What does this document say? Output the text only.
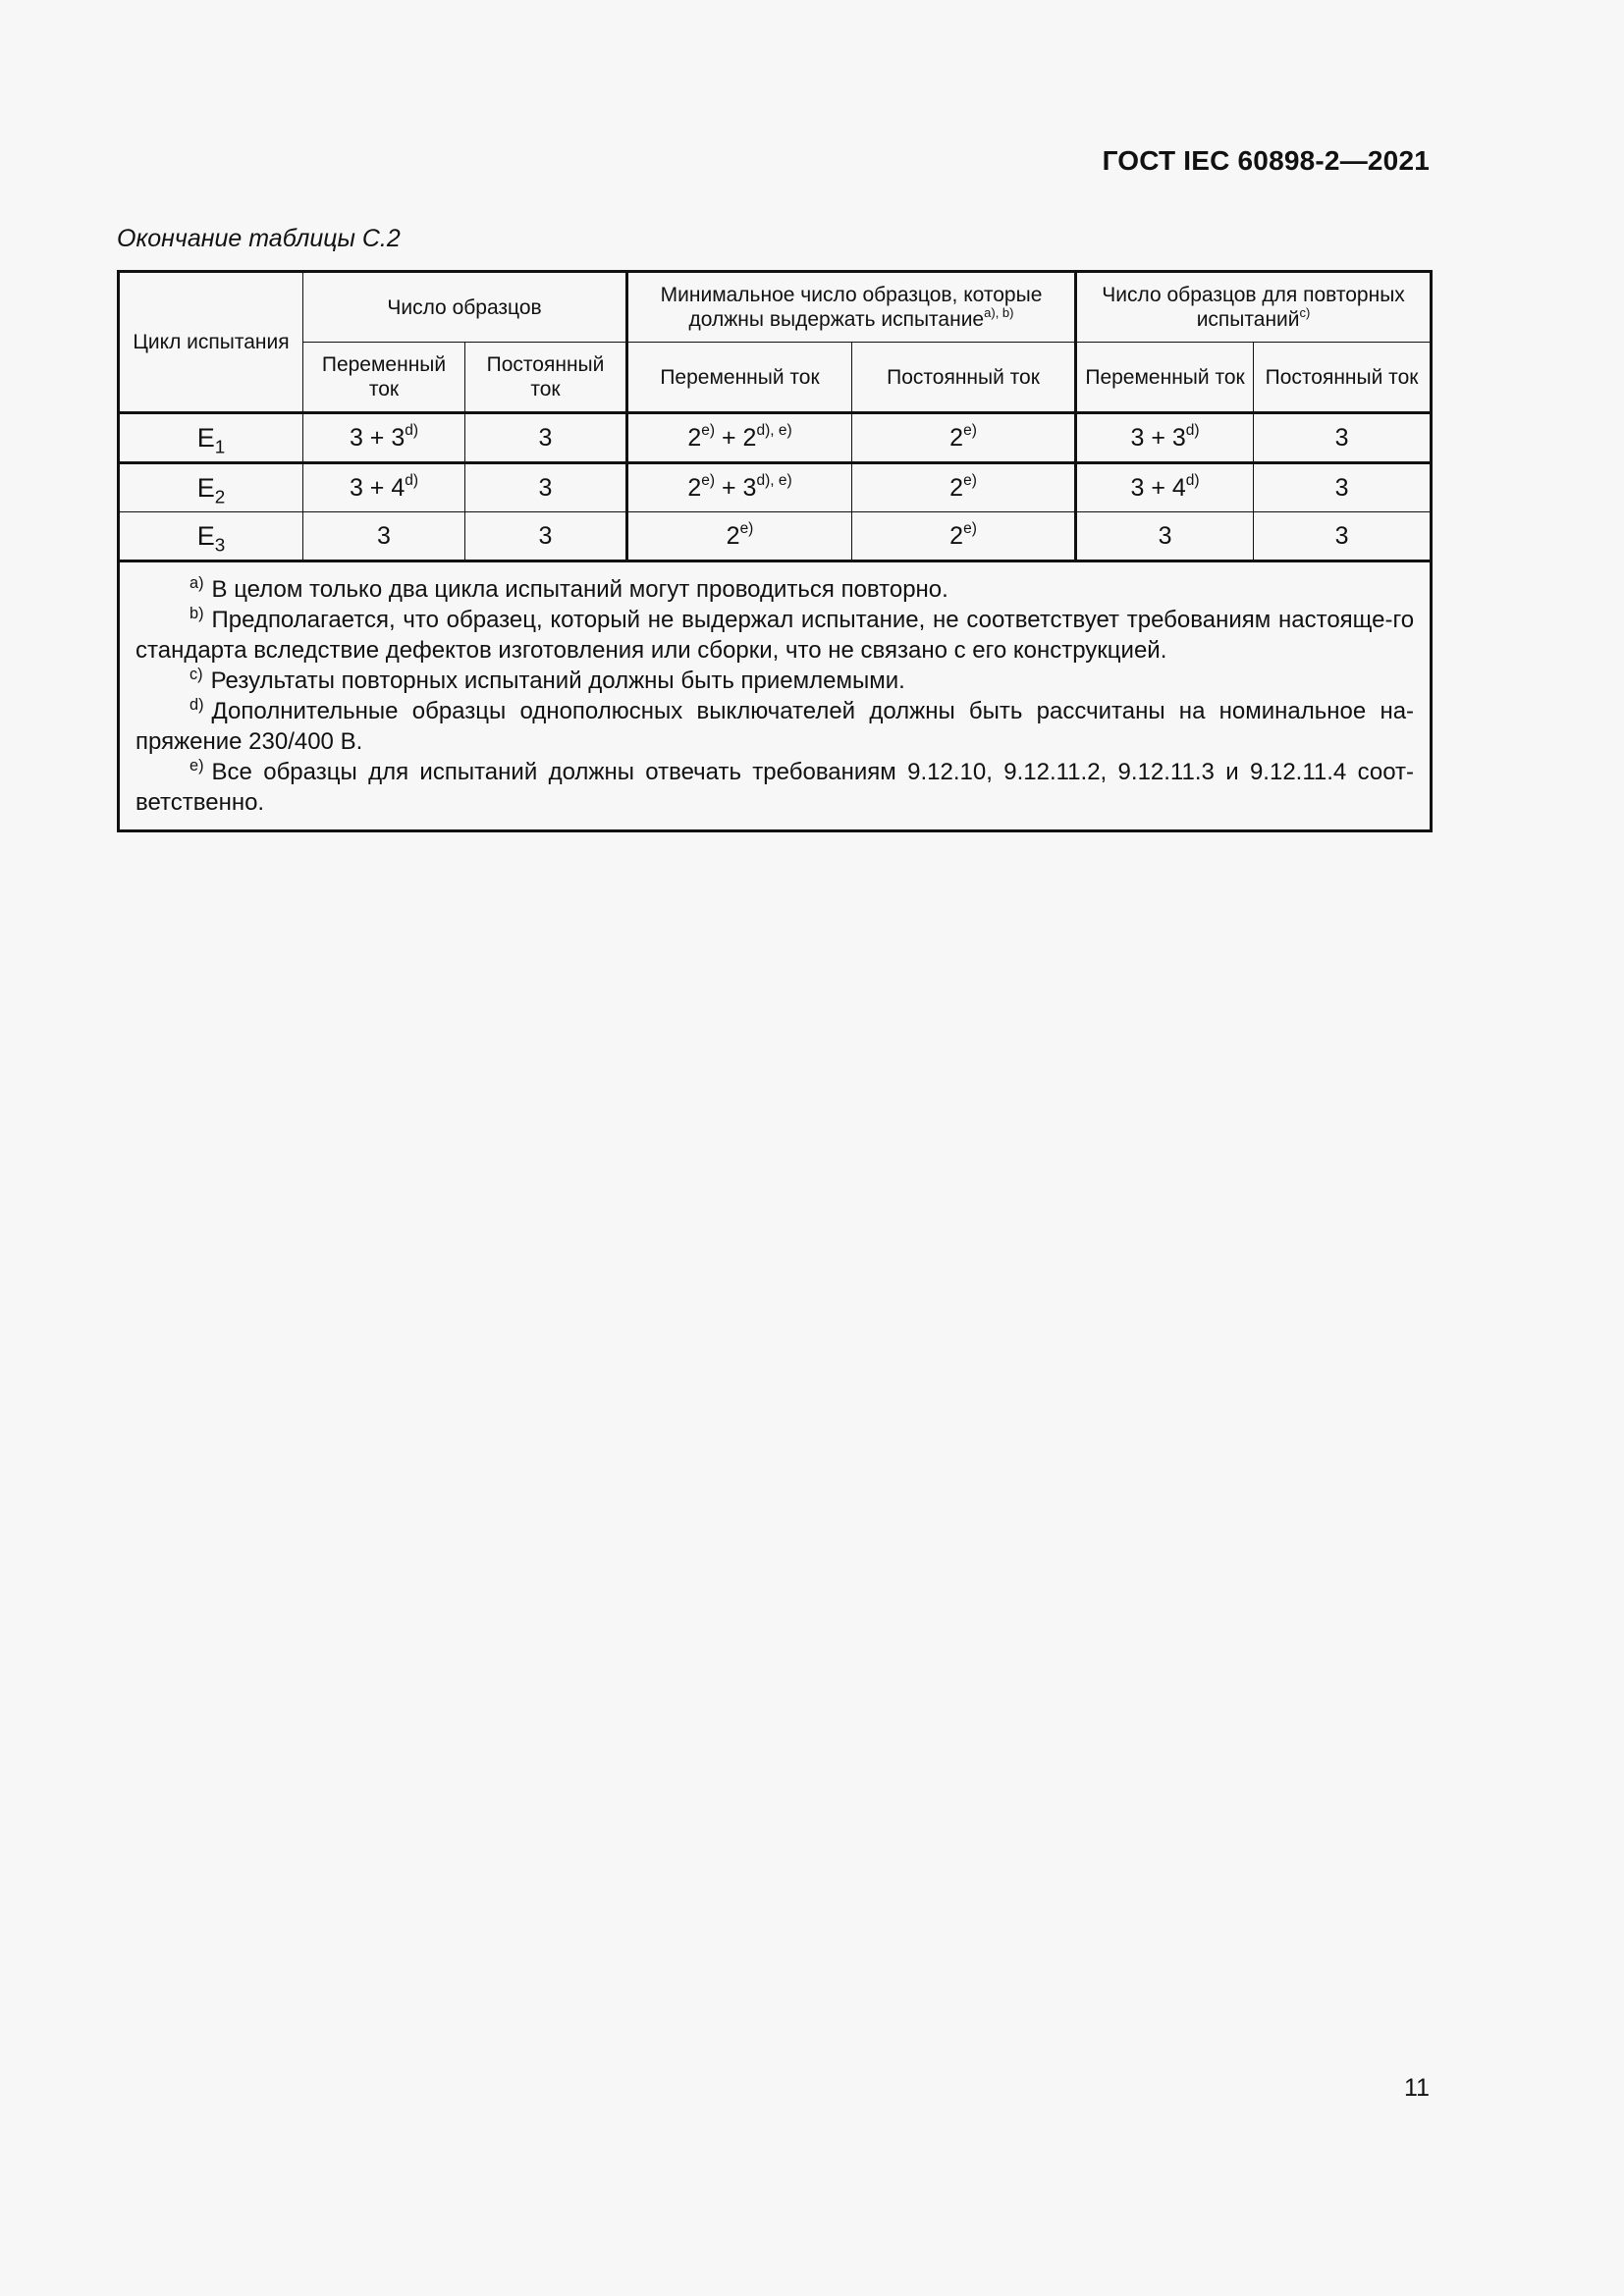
ГОСТ IEC 60898-2—2021
Окончание таблицы С.2
Цикл испытания	Число образцов		Минимальное число образцов, которые должны выдержать испытание$^{a), b)}$		Число образцов для повторных испытаний$^{c)}$
	Переменный ток	Постоянный ток	Переменный ток	Постоянный ток	Переменный ток	Постоянный ток
$E_1$	$3 + 3^{d)}$	3	$2^{e)} + 2^{d), e)}$	2$^{e)}$	$3 + 3^{d)}$	3
$E_2$	$3 + 4^{d)}$	3	$2^{e)} + 3^{d), e)}$	2$^{e)}$	$3 + 4^{d)}$	3
$E_3$	3	3	2$^{e)}$	2$^{e)}$	3	3

$^{a)}$ В целом только два цикла испытаний могут проводиться повторно.

$^{b)}$ Предполагается, что образец, который не выдержал испытание, не соответствует требованиям настояще-го стандарта вследствие дефектов изготовления или сборки, что не связано с его конструкцией.

$^{c)}$ Результаты повторных испытаний должны быть приемлемыми.

$^{d)}$ Дополнительные образцы однополюсных выключателей должны быть рассчитаны на номинальное на-пряжение 230/400 В.

$^{e)}$ Все образцы для испытаний должны отвечать требованиям 9.12.10, 9.12.11.2, 9.12.11.3 и 9.12.11.4 соот-ветственно.						

11
